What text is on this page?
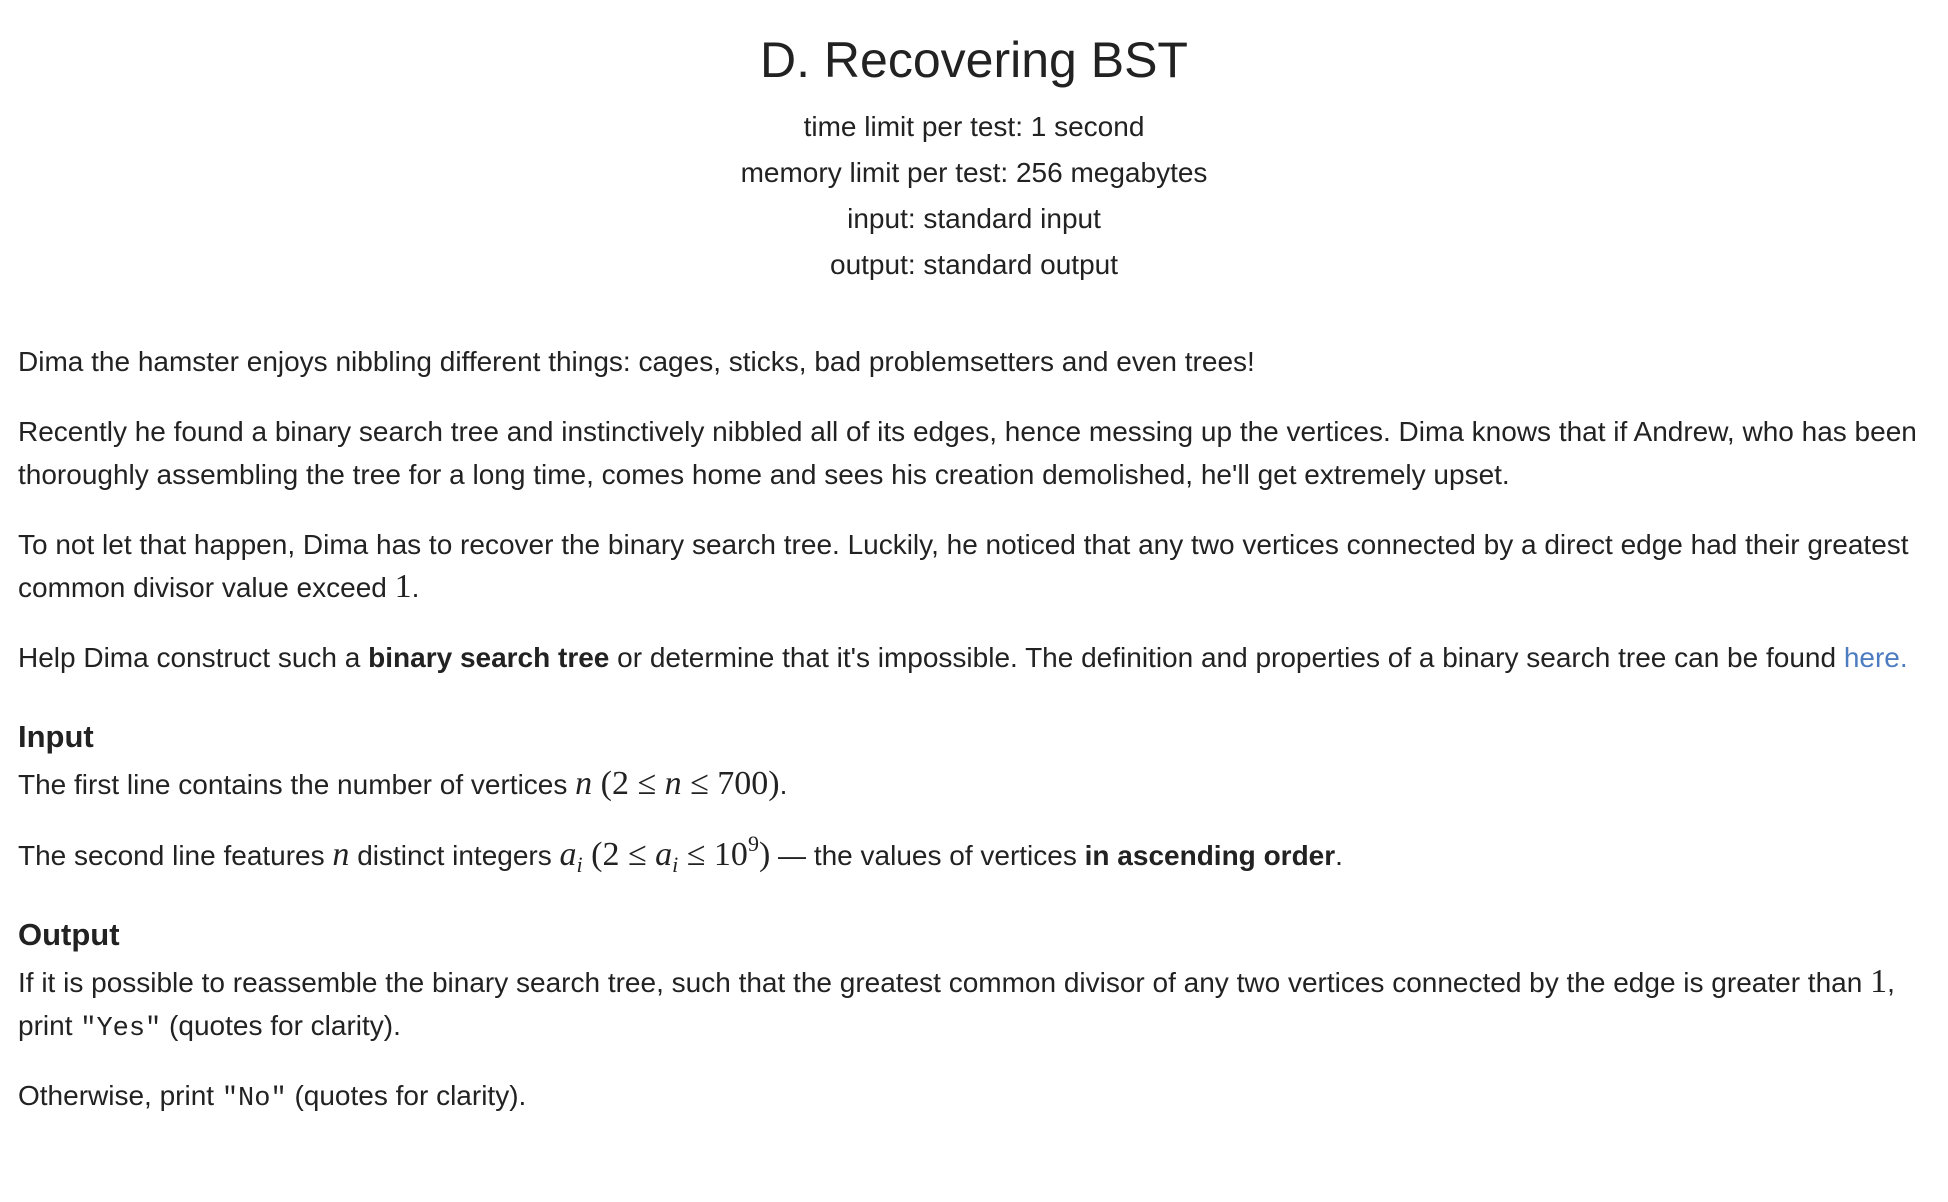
D. Recovering BST
time limit per test: 1 second
memory limit per test: 256 megabytes
input: standard input
output: standard output

Dima the hamster enjoys nibbling different things: cages, sticks, bad problemsetters and even trees!

Recently he found a binary search tree and instinctively nibbled all of its edges, hence messing up the vertices. Dima knows that if Andrew, who has been thoroughly assembling the tree for a long time, comes home and sees his creation demolished, he'll get extremely upset.

To not let that happen, Dima has to recover the binary search tree. Luckily, he noticed that any two vertices connected by a direct edge had their greatest common divisor value exceed 1.

Help Dima construct such a binary search tree or determine that it's impossible. The definition and properties of a binary search tree can be found here.

Input

The first line contains the number of vertices n (2 ≤ n ≤ 700).

The second line features n distinct integers $a_i$ $(2 \le a_i \le 10^9)$ — the values of vertices in ascending order.

Output

If it is possible to reassemble the binary search tree, such that the greatest common divisor of any two vertices connected by the edge is greater than 1, print "Yes" (quotes for clarity).

Otherwise, print "No" (quotes for clarity).
